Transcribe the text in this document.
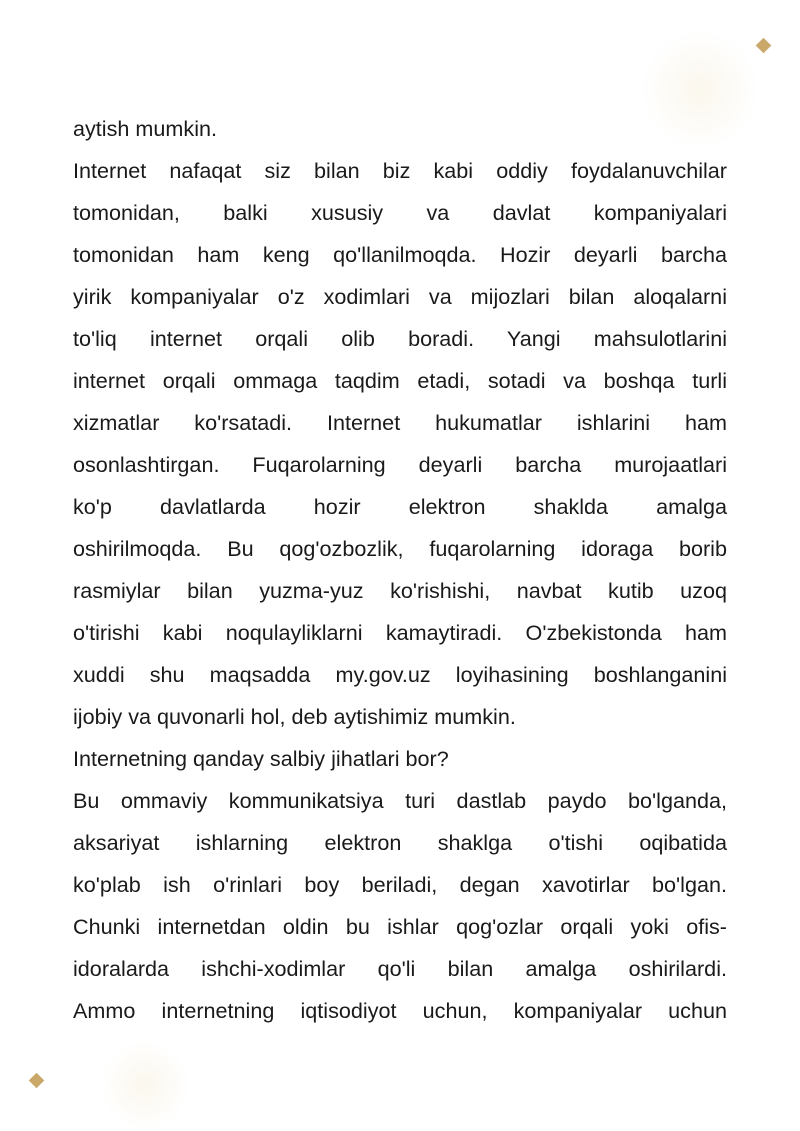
aytish mumkin.
Internet nafaqat siz bilan biz kabi oddiy foydalanuvchilar
tomonidan, balki xususiy va davlat kompaniyalari
tomonidan ham keng qo'llanilmoqda. Hozir deyarli barcha
yirik kompaniyalar o'z xodimlari va mijozlari bilan aloqalarni
to'liq internet orqali olib boradi. Yangi mahsulotlarini
internet orqali ommaga taqdim etadi, sotadi va boshqa turli
xizmatlar ko'rsatadi. Internet hukumatlar ishlarini ham
osonlashtirgan. Fuqarolarning deyarli barcha murojaatlari
ko'p davlatlarda hozir elektron shaklda amalga
oshirilmoqda. Bu qog'ozbozlik, fuqarolarning idoraga borib
rasmiylar bilan yuzma-yuz ko'rishishi, navbat kutib uzoq
o'tirishi kabi noqulayliklarni kamaytiradi. O'zbekistonda ham
xuddi shu maqsadda my.gov.uz loyihasining boshlanganini
ijobiy va quvonarli hol, deb aytishimiz mumkin.
Internetning qanday salbiy jihatlari bor?
Bu ommaviy kommunikatsiya turi dastlab paydo bo'lganda,
aksariyat ishlarning elektron shaklga o'tishi oqibatida
ko'plab ish o'rinlari boy beriladi, degan xavotirlar bo'lgan.
Chunki internetdan oldin bu ishlar qog'ozlar orqali yoki ofis-
idoralarda ishchi-xodimlar qo'li bilan amalga oshirilardi.
Ammo internetning iqtisodiyot uchun, kompaniyalar uchun
